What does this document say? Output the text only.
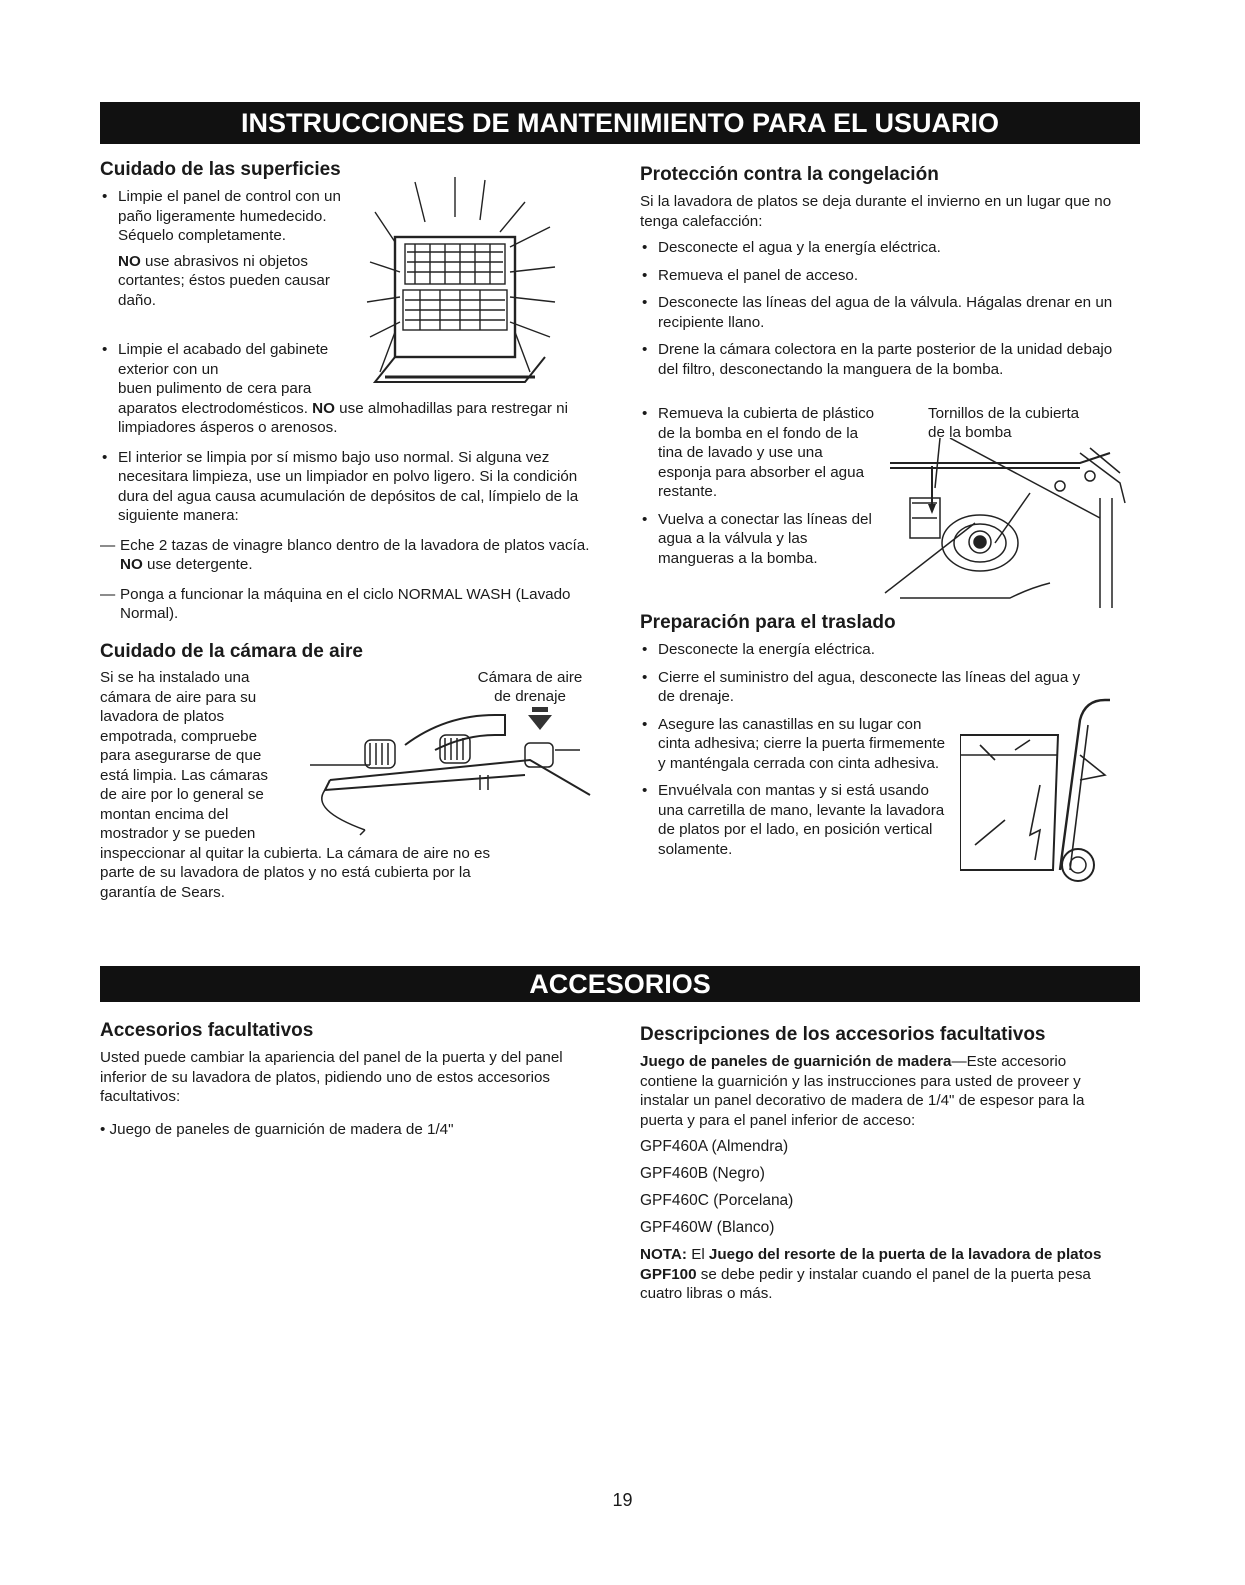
INSTRUCCIONES DE MANTENIMIENTO PARA EL USUARIO
Cuidado de las superficies

• Limpie el panel de control con un paño ligeramente humedecido. Séquelo completamente.

NO use abrasivos ni objetos cortantes; éstos pueden causar daño.

• Limpie el acabado del gabinete exterior con un

buen pulimento de cera para

aparatos electrodomésticos. NO use almohadillas para restregar ni limpiadores ásperos o arenosos.

• El interior se limpia por sí mismo bajo uso normal. Si alguna vez necesitara limpieza, use un limpiador en polvo ligero. Si la condición dura del agua causa acumulación de depósitos de cal, límpielo de la siguiente manera:

— Eche 2 tazas de vinagre blanco dentro de la lavadora de platos vacía. NO use detergente.

— Ponga a funcionar la máquina en el ciclo NORMAL WASH (Lavado Normal).

Cuidado de la cámara de aire
Cámara de aire
de drenaje

Si se ha instalado una

cámara de aire para su

lavadora de platos

empotrada, compruebe

para asegurarse de que

está limpia. Las cámaras

de aire por lo general se

montan encima del

mostrador y se pueden

inspeccionar al quitar la cubierta. La cámara de aire no es

parte de su lavadora de platos y no está cubierta por la

garantía de Sears.

Protección contra la congelación
Si la lavadora de platos se deja durante el invierno en un lugar que no tenga calefacción:

• Desconecte el agua y la energía eléctrica.

• Remueva el panel de acceso.

• Desconecte las líneas del agua de la válvula. Hágalas drenar en un recipiente llano.

• Drene la cámara colectora en la parte posterior de la unidad debajo del filtro, desconectando la manguera de la bomba.

Tornillos de la cubierta
de la bomba

• Remueva la cubierta de plástico de la bomba en el fondo de la tina de lavado y use una esponja para absorber el agua restante.

• Vuelva a conectar las líneas del agua a la válvula y las mangueras a la bomba.

Preparación para el traslado

• Desconecte la energía eléctrica.

• Cierre el suministro del agua, desconecte las líneas del agua y de drenaje.

• Asegure las canastillas en su lugar con cinta adhesiva; cierre la puerta firmemente y manténgala cerrada con cinta adhesiva.

• Envuélvala con mantas y si está usando una carretilla de mano, levante la lavadora de platos por el lado, en posición vertical solamente.

ACCESORIOS
Accesorios facultativos
Usted puede cambiar la apariencia del panel de la puerta y del panel inferior de su lavadora de platos, pidiendo uno de estos accesorios facultativos:
• Juego de paneles de guarnición de madera de 1/4"
Descripciones de los accesorios facultativos

Juego de paneles de guarnición de madera—Este accesorio contiene la guarnición y las instrucciones para usted de proveer y instalar un panel decorativo de madera de 1/4" de espesor para la puerta y para el panel inferior de acceso:

GPF460A (Almendra)

GPF460B (Negro)

GPF460C (Porcelana)

GPF460W (Blanco)

NOTA: El Juego del resorte de la puerta de la lavadora de platos GPF100 se debe pedir y instalar cuando el panel de la puerta pesa cuatro libras o más.

19
